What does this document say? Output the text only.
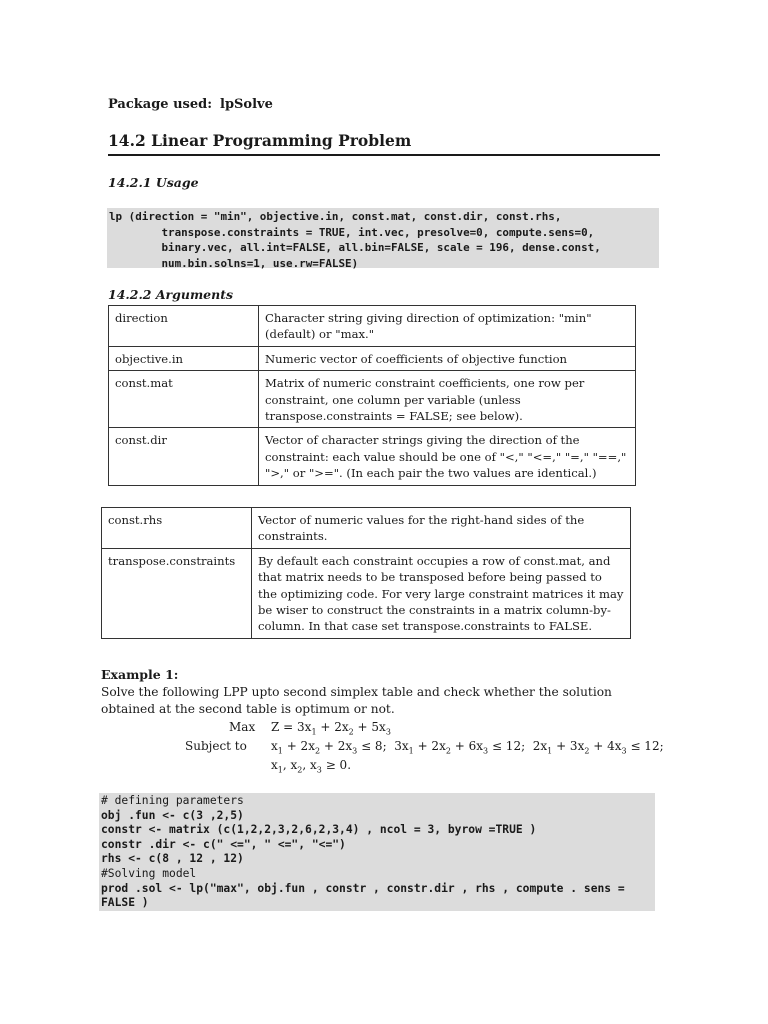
Package used: lpSolve
14.2 Linear Programming Problem
14.2.1 Usage
lp (direction = "min", objective.in, const.mat, const.dir, const.rhs,
transpose.constraints = TRUE, int.vec, presolve=0, compute.sens=0,
binary.vec, all.int=FALSE, all.bin=FALSE, scale = 196, dense.const,
num.bin.solns=1, use.rw=FALSE)
14.2.2 Arguments
direction	Character string giving direction of optimization: "min" (default) or "max."
objective.in	Numeric vector of coefficients of objective function
const.mat	Matrix of numeric constraint coefficients, one row per constraint, one column per variable (unless transpose.constraints = FALSE; see below).
const.dir	Vector of character strings giving the direction of the constraint: each value should be one of "<," "<=," "=," "==," ">," or ">=". (In each pair the two values are identical.)
const.rhs	Vector of numeric values for the right-hand sides of the constraints.
transpose.constraints	By default each constraint occupies a row of const.mat, and that matrix needs to be transposed before being passed to the optimizing code. For very large constraint matrices it may be wiser to construct the constraints in a matrix column-by-column. In that case set transpose.constraints to FALSE.
Example 1:
Solve the following LPP upto second simplex table and check whether the solution obtained at the second table is optimum or not.
Max $Z = 3x_1 + 2x_2 + 5x_3$
Subject to $x_1 + 2x_2 + 2x_3 \le 8$;  $3x_1 + 2x_2 + 6x_3 \le 12$;  $2x_1 + 3x_2 + 4x_3 \le 12$;
$x_1$, $x_2$, $x_3 \ge 0$.
# defining parameters
obj .fun <- c(3 ,2,5)
constr <- matrix (c(1,2,2,3,2,6,2,3,4) , ncol = 3, byrow =TRUE )
constr .dir <- c(" <=", " <=", "<=")
rhs <- c(8 , 12 , 12)
#Solving model
prod .sol <- lp("max", obj.fun , constr , constr.dir , rhs , compute . sens =
FALSE )
